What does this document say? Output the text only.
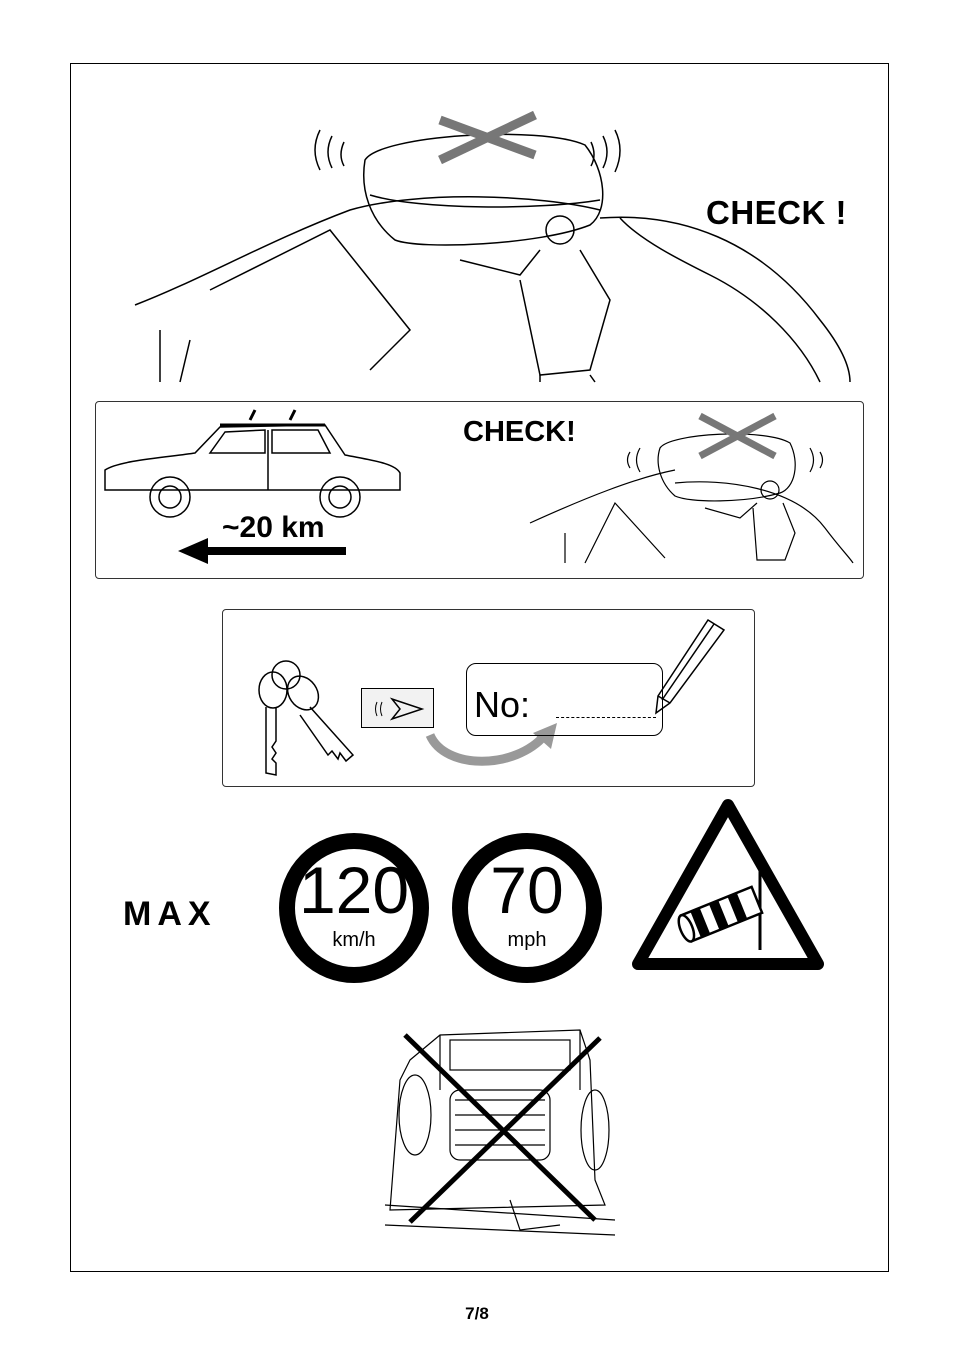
CHECK !
~20 km
CHECK!
No:
MAX 120
km/h
70
mph
7/8
